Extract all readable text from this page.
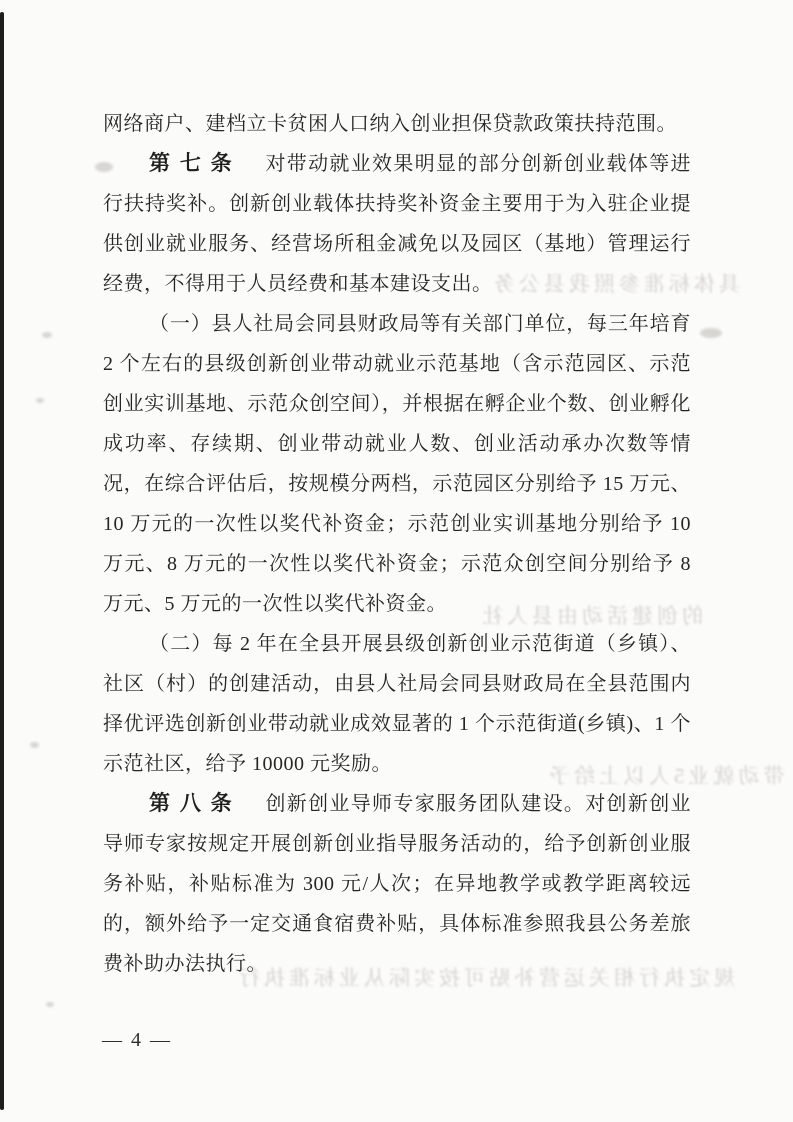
具体标准参照我县公务
的创建活动由县人社
带动就业5人以上给予
规定执行相关运营补贴可按实际从业标准执行

网络商户、建档立卡贫困人口纳入创业担保贷款政策扶持范围。

第七条 对带动就业效果明显的部分创新创业载体等进行扶持奖补。创新创业载体扶持奖补资金主要用于为入驻企业提供创业就业服务、经营场所租金减免以及园区（基地）管理运行经费，不得用于人员经费和基本建设支出。

（一）县人社局会同县财政局等有关部门单位，每三年培育 2 个左右的县级创新创业带动就业示范基地（含示范园区、示范创业实训基地、示范众创空间），并根据在孵企业个数、创业孵化成功率、存续期、创业带动就业人数、创业活动承办次数等情况，在综合评估后，按规模分两档，示范园区分别给予 15 万元、10 万元的一次性以奖代补资金；示范创业实训基地分别给予 10 万元、8 万元的一次性以奖代补资金；示范众创空间分别给予 8 万元、5 万元的一次性以奖代补资金。

（二）每 2 年在全县开展县级创新创业示范街道（乡镇）、社区（村）的创建活动，由县人社局会同县财政局在全县范围内择优评选创新创业带动就业成效显著的 1 个示范街道(乡镇)、1 个示范社区，给予 10000 元奖励。

第八条 创新创业导师专家服务团队建设。对创新创业导师专家按规定开展创新创业指导服务活动的，给予创新创业服务补贴，补贴标准为 300 元/人次；在异地教学或教学距离较远的，额外给予一定交通食宿费补贴，具体标准参照我县公务差旅费补助办法执行。

— 4 —
